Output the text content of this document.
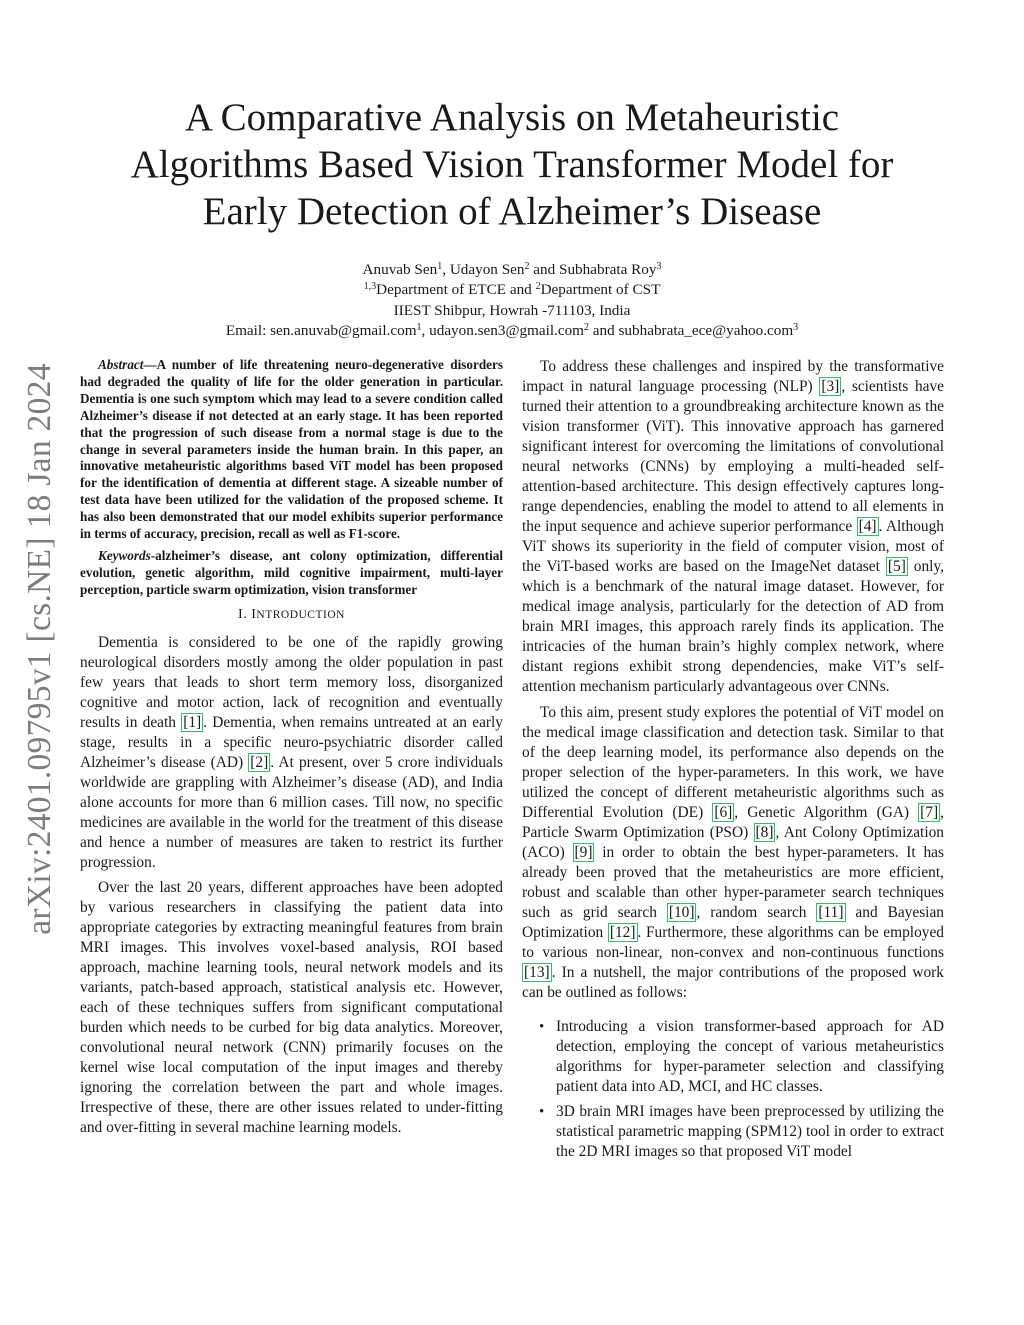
arXiv:2401.09795v1 [cs.NE] 18 Jan 2024
A Comparative Analysis on Metaheuristic
Algorithms Based Vision Transformer Model for
Early Detection of Alzheimer’s Disease
Anuvab Sen$^1$, Udayon Sen$^2$ and Subhabrata Roy$^3$
$^{1,3}$Department of ETCE and $^2$Department of CST
IIEST Shibpur, Howrah -711103, India
Email: sen.anuvab@gmail.com$^1$, udayon.sen3@gmail.com$^2$ and subhabrata_ece@yahoo.com$^3$

Abstract—A number of life threatening neuro-degenerative disorders had degraded the quality of life for the older generation in particular. Dementia is one such symptom which may lead to a severe condition called Alzheimer’s disease if not detected at an early stage. It has been reported that the progression of such disease from a normal stage is due to the change in several parameters inside the human brain. In this paper, an innovative metaheuristic algorithms based ViT model has been proposed for the identification of dementia at different stage. A sizeable number of test data have been utilized for the validation of the proposed scheme. It has also been demonstrated that our model exhibits superior performance in terms of accuracy, precision, recall as well as F1-score.

Keywords-alzheimer’s disease, ant colony optimization, differential evolution, genetic algorithm, mild cognitive impairment, multi-layer perception, particle swarm optimization, vision transformer

I. INTRODUCTION

Dementia is considered to be one of the rapidly growing neurological disorders mostly among the older population in past few years that leads to short term memory loss, disorganized cognitive and motor action, lack of recognition and eventually results in death [1] . Dementia, when remains untreated at an early stage, results in a specific neuro-psychiatric disorder called Alzheimer’s disease (AD) [2] . At present, over 5 crore individuals worldwide are grappling with Alzheimer’s disease (AD), and India alone accounts for more than 6 million cases. Till now, no specific medicines are available in the world for the treatment of this disease and hence a number of measures are taken to restrict its further progression.

Over the last 20 years, different approaches have been adopted by various researchers in classifying the patient data into appropriate categories by extracting meaningful features from brain MRI images. This involves voxel-based analysis, ROI based approach, machine learning tools, neural network models and its variants, patch-based approach, statistical analysis etc. However, each of these techniques suffers from significant computational burden which needs to be curbed for big data analytics. Moreover, convolutional neural network (CNN) primarily focuses on the kernel wise local computation of the input images and thereby ignoring the correlation between the part and whole images. Irrespective of these, there are other issues related to under-fitting and over-fitting in several machine learning models.

To address these challenges and inspired by the transformative impact in natural language processing (NLP) [3] , scientists have turned their attention to a groundbreaking architecture known as the vision transformer (ViT). This innovative approach has garnered significant interest for overcoming the limitations of convolutional neural networks (CNNs) by employing a multi-headed self-attention-based architecture. This design effectively captures long-range dependencies, enabling the model to attend to all elements in the input sequence and achieve superior performance [4] . Although ViT shows its superiority in the field of computer vision, most of the ViT-based works are based on the ImageNet dataset [5] only, which is a benchmark of the natural image dataset. However, for medical image analysis, particularly for the detection of AD from brain MRI images, this approach rarely finds its application. The intricacies of the human brain’s highly complex network, where distant regions exhibit strong dependencies, make ViT’s self-attention mechanism particularly advantageous over CNNs.

To this aim, present study explores the potential of ViT model on the medical image classification and detection task. Similar to that of the deep learning model, its performance also depends on the proper selection of the hyper-parameters. In this work, we have utilized the concept of different metaheuristic algorithms such as Differential Evolution (DE) [6] , Genetic Algorithm (GA) [7] , Particle Swarm Optimization (PSO) [8] , Ant Colony Optimization (ACO) [9] in order to obtain the best hyper-parameters. It has already been proved that the metaheuristics are more efficient, robust and scalable than other hyper-parameter search techniques such as grid search [10] , random search [11] and Bayesian Optimization [12] . Furthermore, these algorithms can be employed to various non-linear, non-convex and non-continuous functions [13] . In a nutshell, the major contributions of the proposed work can be outlined as follows:

• Introducing a vision transformer-based approach for AD detection, employing the concept of various metaheuristics algorithms for hyper-parameter selection and classifying patient data into AD, MCI, and HC classes.
• 3D brain MRI images have been preprocessed by utilizing the statistical parametric mapping (SPM12) tool in order to extract the 2D MRI images so that proposed ViT model
